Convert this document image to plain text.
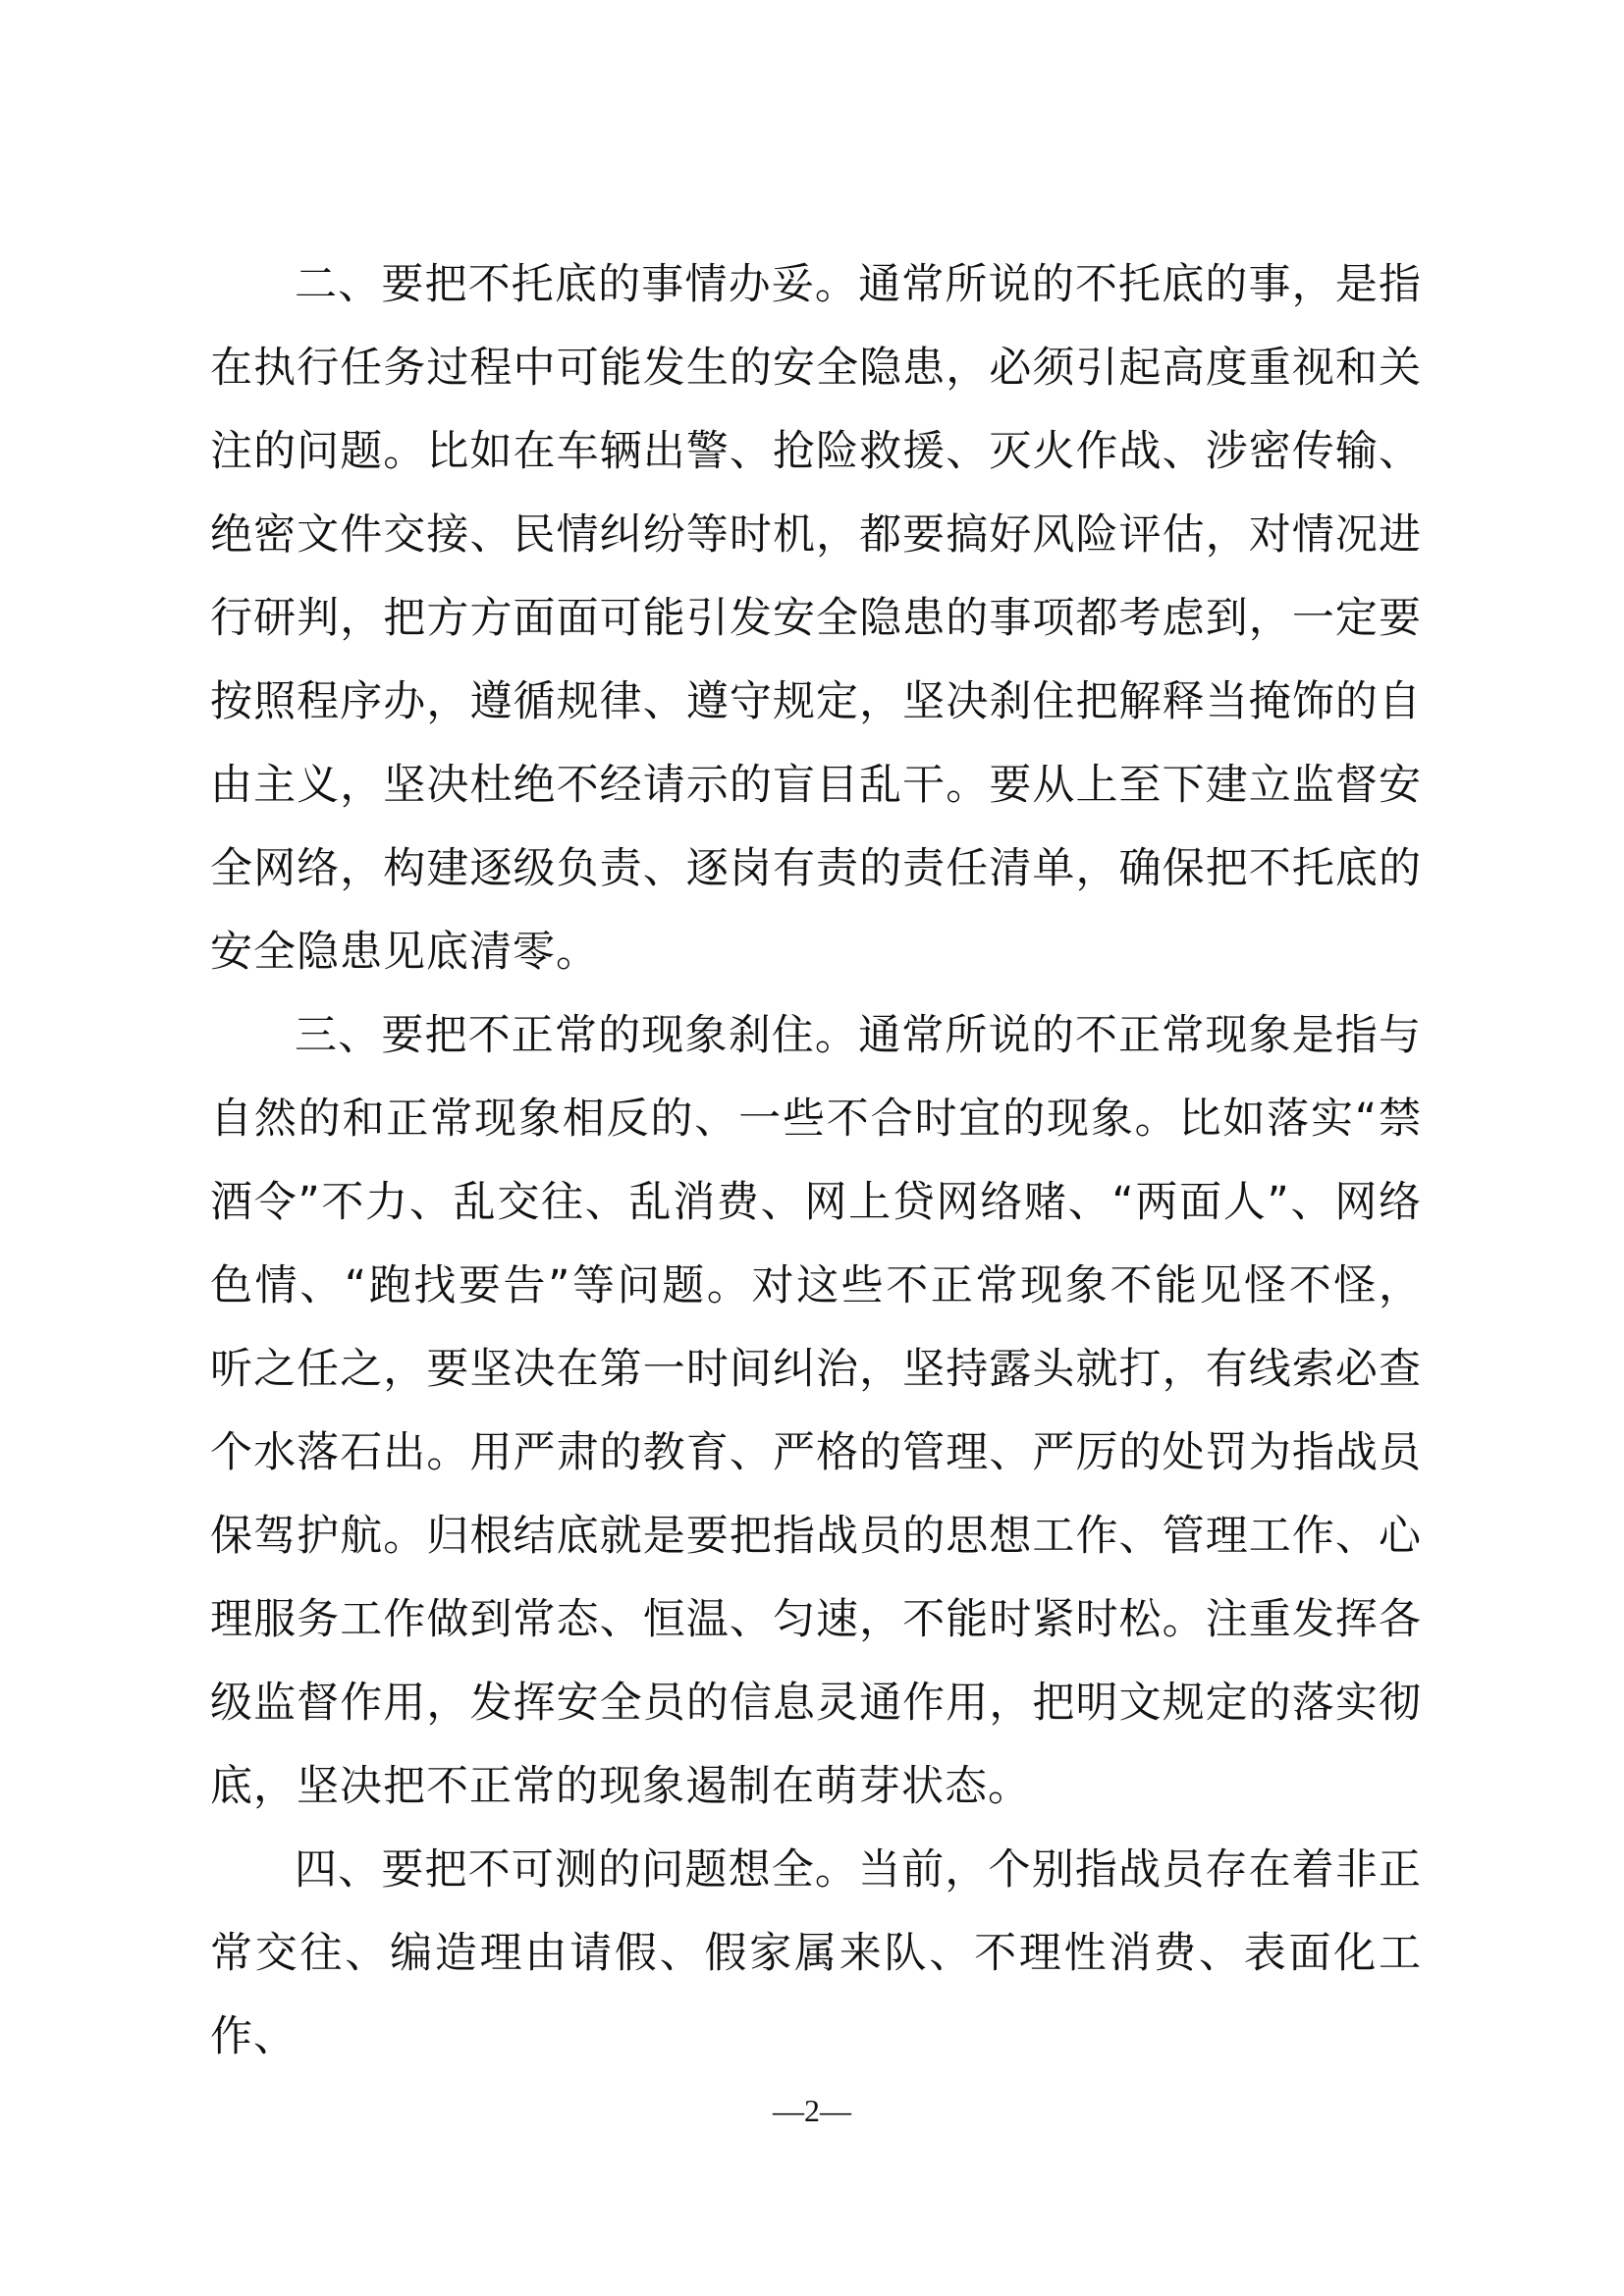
二、要把不托底的事情办妥。通常所说的不托底的事，是指在执行任务过程中可能发生的安全隐患，必须引起高度重视和关注的问题。比如在车辆出警、抢险救援、灭火作战、涉密传输、绝密文件交接、民情纠纷等时机，都要搞好风险评估，对情况进行研判，把方方面面可能引发安全隐患的事项都考虑到，一定要按照程序办，遵循规律、遵守规定，坚决刹住把解释当掩饰的自由主义，坚决杜绝不经请示的盲目乱干。要从上至下建立监督安全网络，构建逐级负责、逐岗有责的责任清单，确保把不托底的安全隐患见底清零。

三、要把不正常的现象刹住。通常所说的不正常现象是指与自然的和正常现象相反的、一些不合时宜的现象。比如落实“禁酒令”不力、乱交往、乱消费、网上贷网络赌、“两面人”、网络色情、“跑找要告”等问题。对这些不正常现象不能见怪不怪，听之任之，要坚决在第一时间纠治，坚持露头就打，有线索必查个水落石出。用严肃的教育、严格的管理、严厉的处罚为指战员保驾护航。归根结底就是要把指战员的思想工作、管理工作、心理服务工作做到常态、恒温、匀速，不能时紧时松。注重发挥各级监督作用，发挥安全员的信息灵通作用，把明文规定的落实彻底，坚决把不正常的现象遏制在萌芽状态。

四、要把不可测的问题想全。当前，个别指战员存在着非正常交往、编造理由请假、假家属来队、不理性消费、表面化工作、

—2—
